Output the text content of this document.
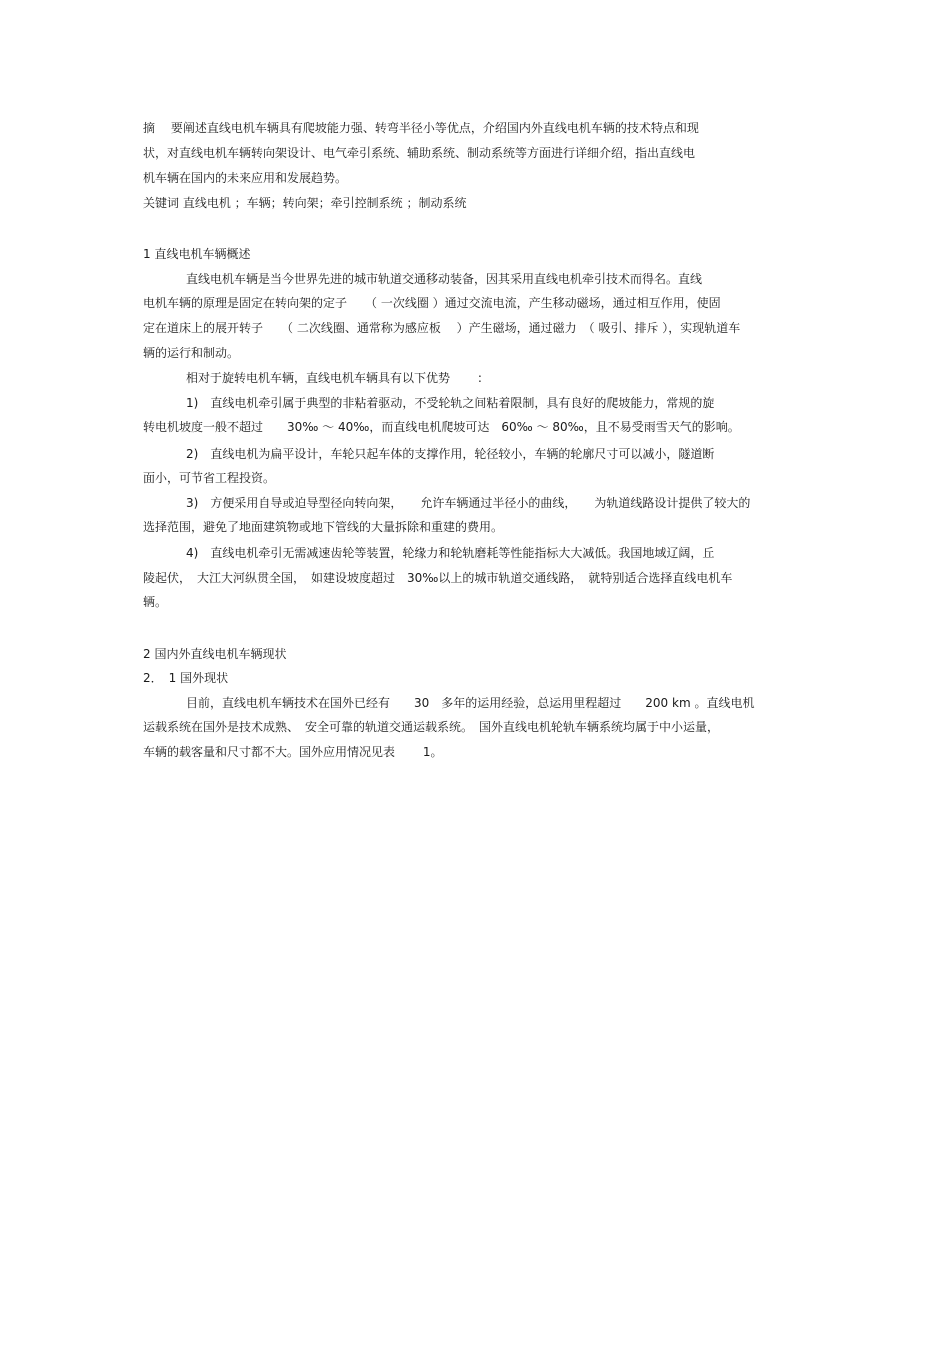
摘　 要阐述直线电机车辆具有爬坡能力强、转弯半径小等优点，介绍国内外直线电机车辆的技术特点和现
状，对直线电机车辆转向架设计、电气牵引系统、辅助系统、制动系统等方面进行详细介绍，指出直线电
机车辆在国内的未来应用和发展趋势。
关键词 直线电机 ；车辆；转向架；牵引控制系统 ；制动系统
1 直线电机车辆概述
直线电机车辆是当今世界先进的城市轨道交通移动装备，因其采用直线电机牵引技术而得名。直线
电机车辆的原理是固定在转向架的定子　　（ 一次线圈 ）通过交流电流，产生移动磁场，通过相互作用，使固
定在道床上的展开转子　　（ 二次线圈、通常称为感应板　 ）产生磁场，通过磁力　（ 吸引、排斥 ），实现轨道车
辆的运行和制动。
相对于旋转电机车辆，直线电机车辆具有以下优势　　 :
1)　直线电机牵引属于典型的非粘着驱动，不受轮轨之间粘着限制，具有良好的爬坡能力，常规的旋
转电机坡度一般不超过　　30‰ ～ 40‰，而直线电机爬坡可达　60‰ ～ 80‰，且不易受雨雪天气的影响。
2)　直线电机为扁平设计，车轮只起车体的支撑作用，轮径较小，车辆的轮廓尺寸可以减小，隧道断
面小，可节省工程投资。
3)　方便采用自导或迫导型径向转向架，　　允许车辆通过半径小的曲线，　　为轨道线路设计提供了较大的
选择范围，避免了地面建筑物或地下管线的大量拆除和重建的费用。
4)　直线电机牵引无需减速齿轮等装置，轮缘力和轮轨磨耗等性能指标大大减低。我国地域辽阔，丘
陵起伏，　大江大河纵贯全国，　如建设坡度超过　30‰以上的城市轨道交通线路，　就特别适合选择直线电机车
辆。
2 国内外直线电机车辆现状
2．　1 国外现状
目前，直线电机车辆技术在国外已经有　　30　多年的运用经验，总运用里程超过　　200 km 。直线电机
运载系统在国外是技术成熟、　安全可靠的轨道交通运载系统。　国外直线电机轮轨车辆系统均属于中小运量，
车辆的载客量和尺寸都不大。国外应用情况见表　　 1。
